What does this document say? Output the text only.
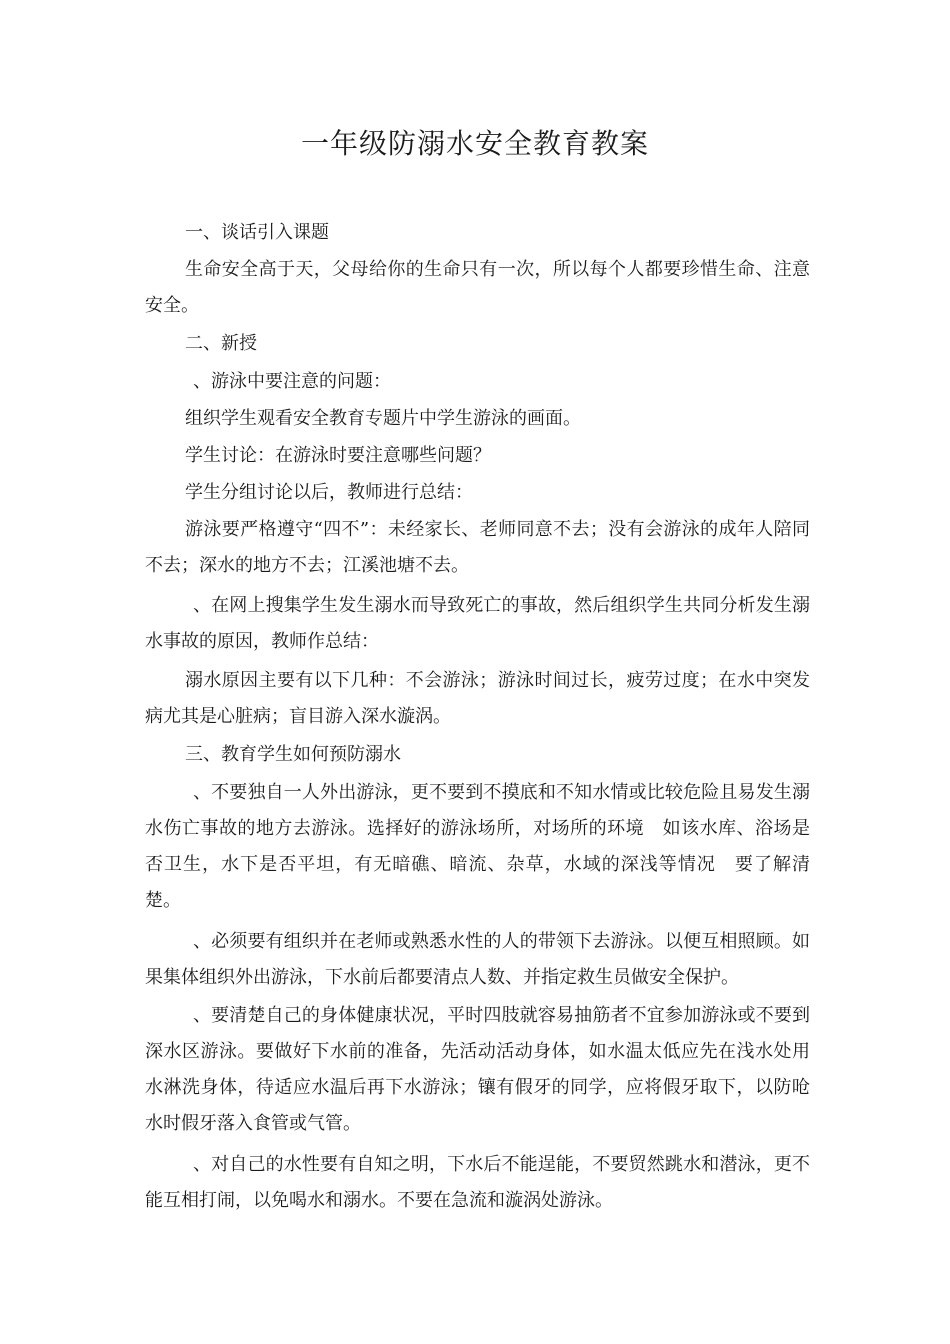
一年级防溺水安全教育教案

一、谈话引入课题

生命安全高于天，父母给你的生命只有一次，所以每个人都要珍惜生命、注意安全。

二、新授

、游泳中要注意的问题：

组织学生观看安全教育专题片中学生游泳的画面。

学生讨论：在游泳时要注意哪些问题？

学生分组讨论以后，教师进行总结：

游泳要严格遵守“四不”：未经家长、老师同意不去；没有会游泳的成年人陪同不去；深水的地方不去；江溪池塘不去。

、在网上搜集学生发生溺水而导致死亡的事故，然后组织学生共同分析发生溺水事故的原因，教师作总结：

溺水原因主要有以下几种：不会游泳；游泳时间过长，疲劳过度；在水中突发病尤其是心脏病；盲目游入深水漩涡。

三、教育学生如何预防溺水

、不要独自一人外出游泳，更不要到不摸底和不知水情或比较危险且易发生溺水伤亡事故的地方去游泳。选择好的游泳场所，对场所的环境　如该水库、浴场是否卫生，水下是否平坦，有无暗礁、暗流、杂草，水域的深浅等情况　要了解清楚。

、必须要有组织并在老师或熟悉水性的人的带领下去游泳。以便互相照顾。如果集体组织外出游泳，下水前后都要清点人数、并指定救生员做安全保护。

、要清楚自己的身体健康状况，平时四肢就容易抽筋者不宜参加游泳或不要到深水区游泳。要做好下水前的准备，先活动活动身体，如水温太低应先在浅水处用水淋洗身体，待适应水温后再下水游泳；镶有假牙的同学，应将假牙取下，以防呛水时假牙落入食管或气管。

、对自己的水性要有自知之明，下水后不能逞能，不要贸然跳水和潜泳，更不能互相打闹，以免喝水和溺水。不要在急流和漩涡处游泳。
